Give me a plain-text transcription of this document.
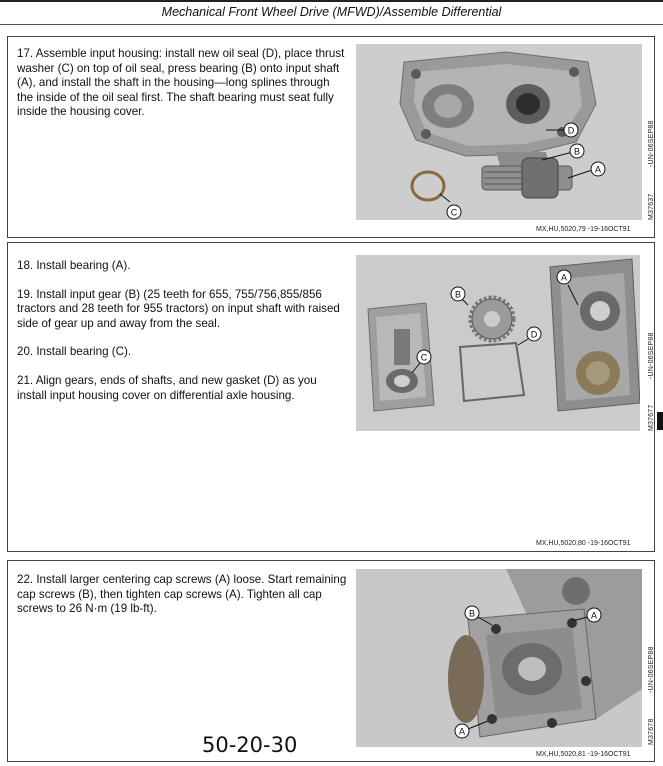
Mechanical Front Wheel Drive (MFWD)/Assemble Differential

17. Assemble input housing: install new oil seal (D), place thrust washer (C) on top of oil seal, press bearing (B) onto input shaft (A), and install the shaft in the housing—long splines through the inside of the oil seal first. The shaft bearing must seat fully inside the housing cover.

D
B
A
C
-UN-06SEP88
M37637
MX,HU,5020,79 -19-16OCT91

18. Install bearing (A).

19. Install input gear (B) (25 teeth for 655, 755/756,855/856 tractors and 28 teeth for 955 tractors) on input shaft with raised side of gear up and away from the seal.

20. Install bearing (C).

21. Align gears, ends of shafts, and new gasket (D) as you install input housing cover on differential axle housing.

B
A
D
C	-UN-06SEP88
M37677
MX,HU,5020,80 -19-16OCT91

22. Install larger centering cap screws (A) loose. Start remaining cap screws (B), then tighten cap screws (A). Tighten all cap screws to 26 N·m (19 lb-ft).	B	A
A
-UN-06SEP88
M37678
MX,HU,5020,81 -19-16OCT91
50-20-30
